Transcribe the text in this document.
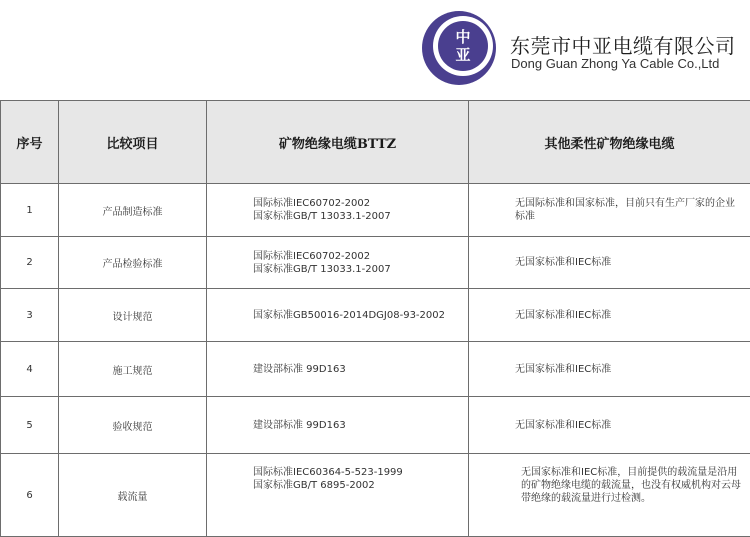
中
亚 东莞市中亚电缆有限公司
Dong Guan Zhong Ya Cable Co.,Ltd
序号	比较项目	矿物绝缘电缆BTTZ	其他柔性矿物绝缘电缆
1	产品制造标准	国际标准IEC60702-2002
国家标准GB/T 13033.1-2007	无国际标准和国家标准，目前只有生产厂家的企业
标准

2	产品检验标准	国际标准IEC60702-2002
国家标准GB/T 13033.1-2007	无国家标准和IEC标准

3	设计规范	国家标准GB50016-2014DGJ08-93-2002	无国家标准和IEC标准

4	施工规范	建设部标准 99D163	无国家标准和IEC标准

5	验收规范	建设部标准 99D163	无国家标准和IEC标准

6	载流量	国际标准IEC60364-5-523-1999
国家标准GB/T 6895-2002	无国家标准和IEC标准，目前提供的载流量是沿用
的矿物绝缘电缆的载流量，也没有权威机构对云母
带绝缘的载流量进行过检测。
